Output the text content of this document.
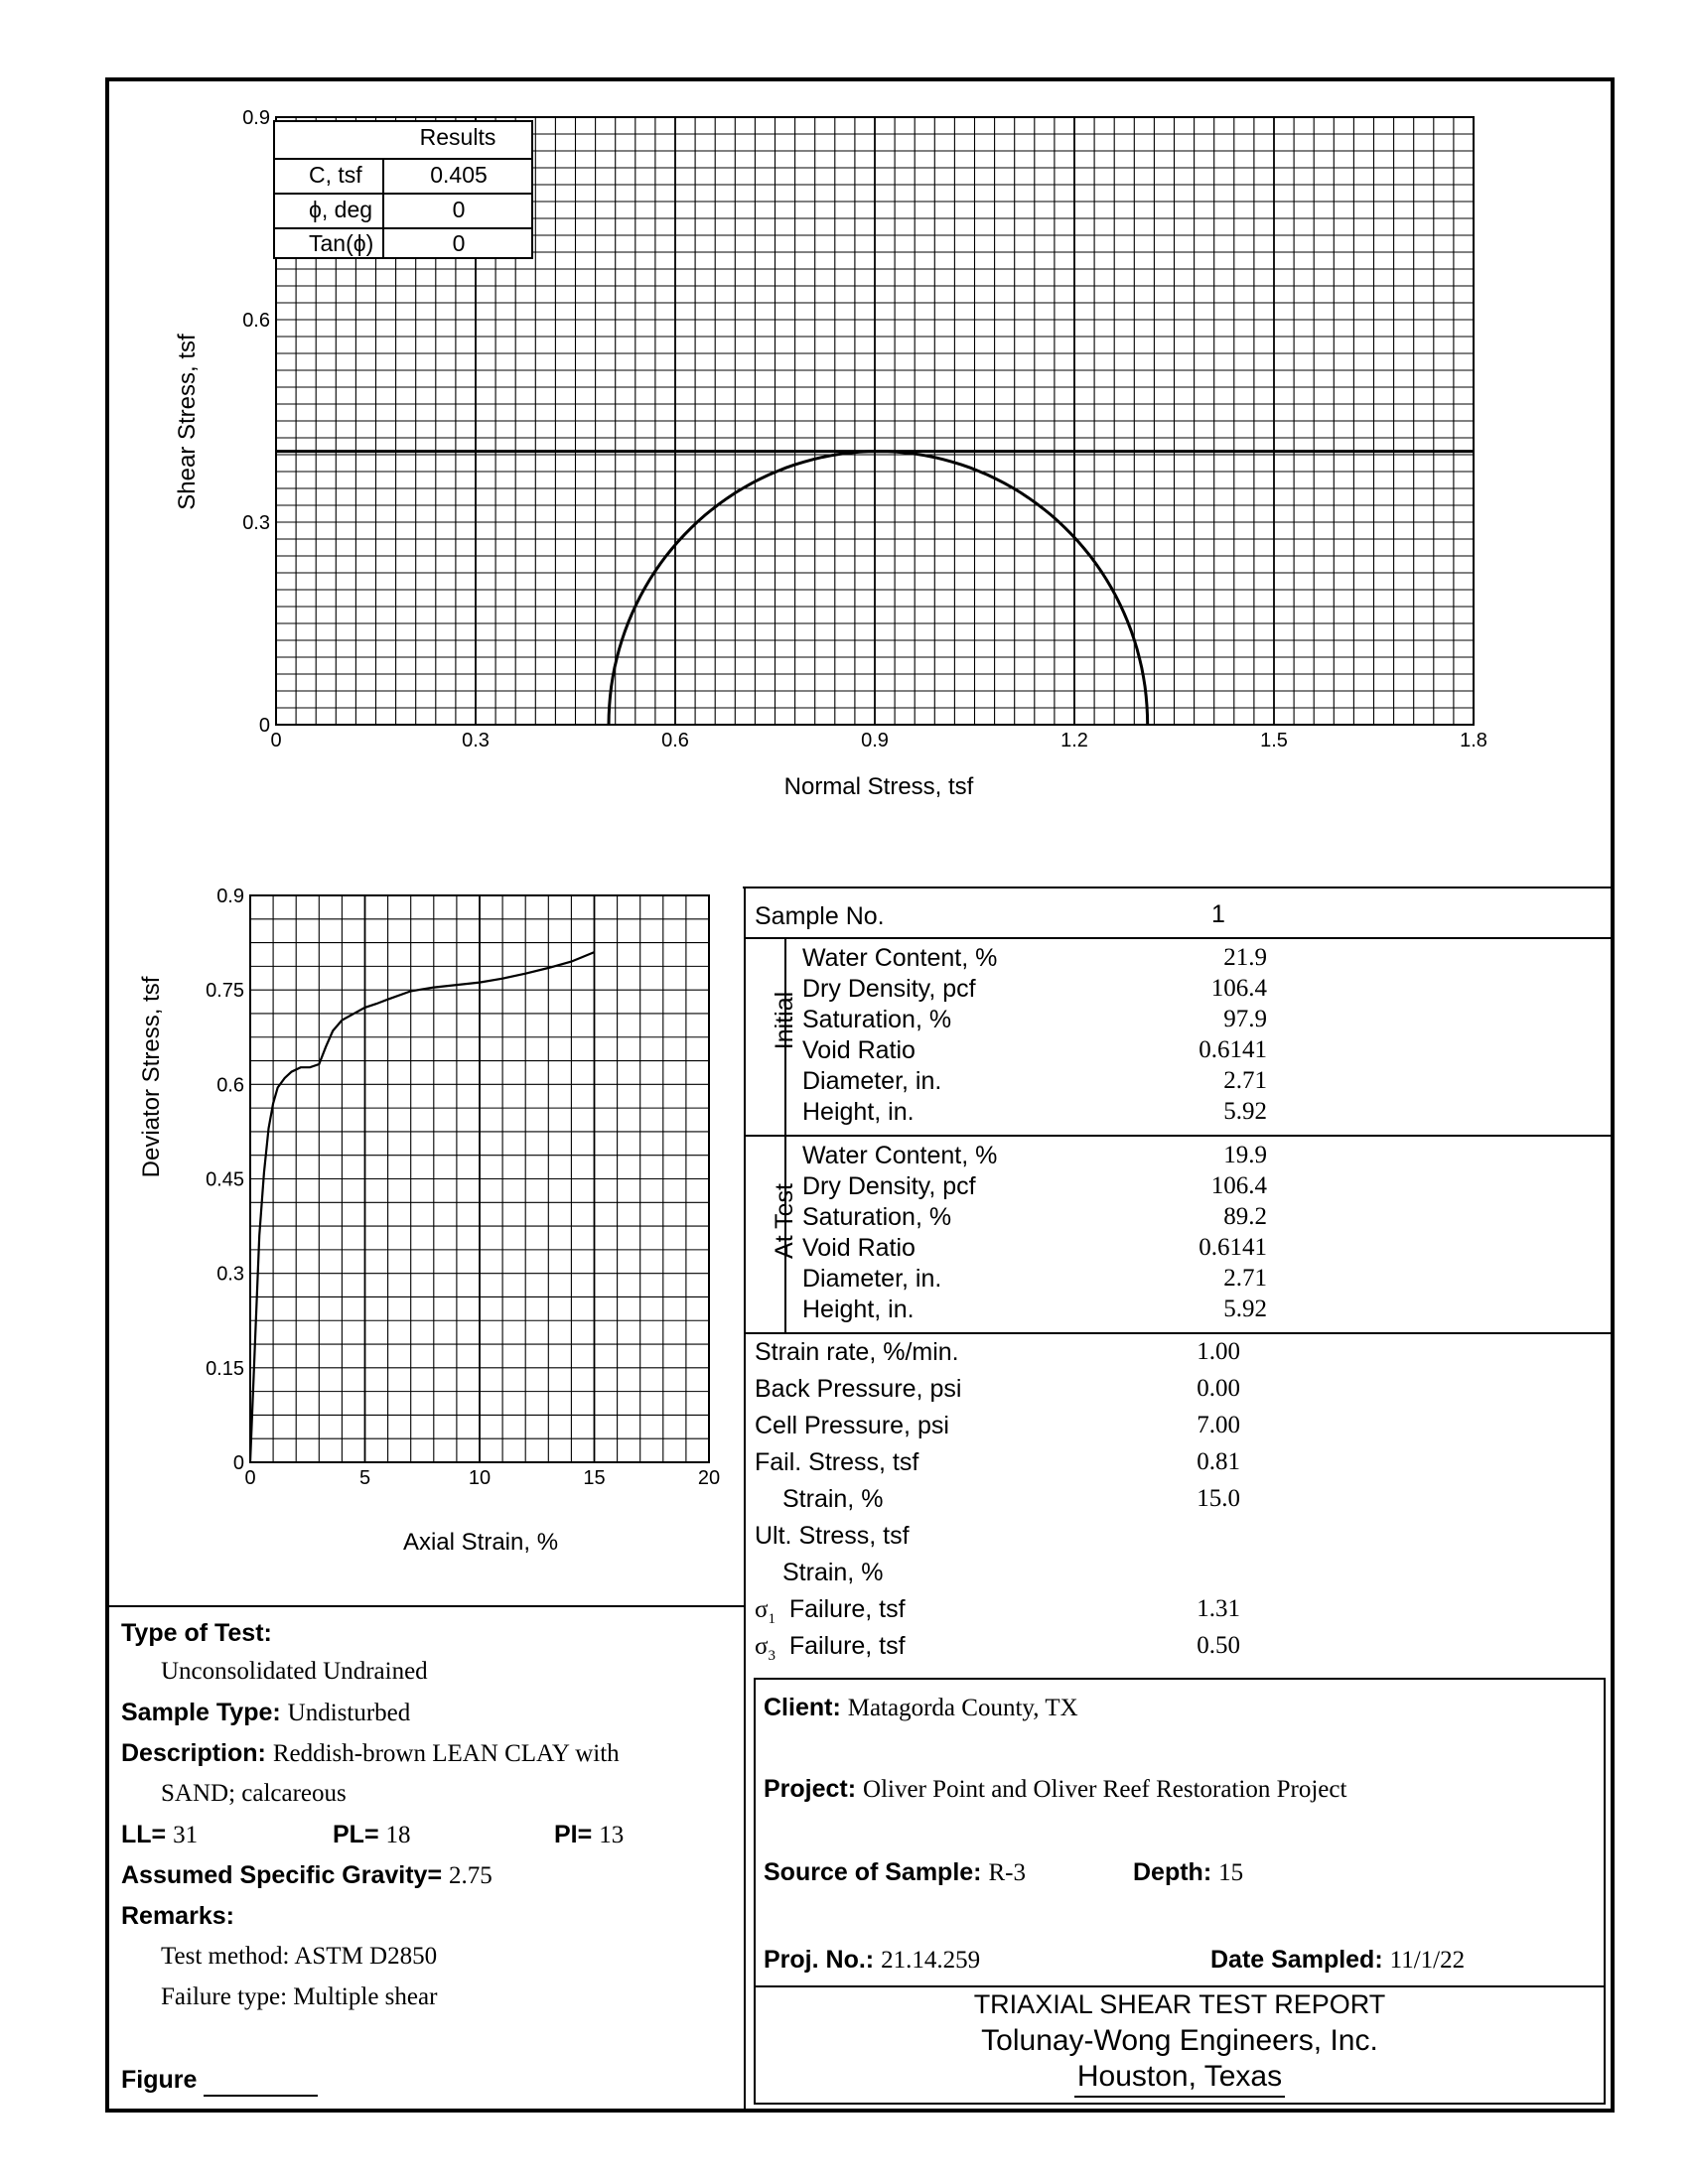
0	0.3	0.6	0.9	1.2	1.5	1.8
0
0.3
0.6
0.9
Shear Stress, tsf
Normal Stress, tsf
Results
C, tsf	0.405
ϕ, deg	0
Tan(ϕ)	0
0	5	10	15	20
0
0.15
0.3
0.45
0.6
0.75
0.9
Deviator Stress, tsf
Axial Strain, %
Sample No.	1
Initial
At Test
Water Content, %	21.9
Dry Density, pcf	106.4
Saturation, %	97.9
Void Ratio	0.6141
Diameter, in.	2.71
Height, in.	5.92
Water Content, %	19.9
Dry Density, pcf	106.4
Saturation, %	89.2
Void Ratio	0.6141
Diameter, in.	2.71
Height, in.	5.92
Strain rate, %/min.	1.00
Back Pressure, psi	0.00
Cell Pressure, psi	7.00
Fail. Stress, tsf	0.81
Strain, %	15.0
Ult. Stress, tsf
Strain, %
$\sigma_1$  Failure, tsf	1.31
$\sigma_3$  Failure, tsf	0.50
Type of Test:
Unconsolidated Undrained
Sample Type: Undisturbed
Description: Reddish-brown LEAN CLAY with
SAND; calcareous
LL= 31	PL= 18	PI= 13
Assumed Specific Gravity= 2.75
Remarks:
Test method: ASTM D2850
Failure type: Multiple shear
Figure
Client: Matagorda County, TX
Project: Oliver Point and Oliver Reef Restoration Project
Source of Sample: R-3	Depth: 15
Proj. No.: 21.14.259	Date Sampled: 11/1/22
TRIAXIAL SHEAR TEST REPORT
Tolunay-Wong Engineers, Inc.
Houston, Texas
